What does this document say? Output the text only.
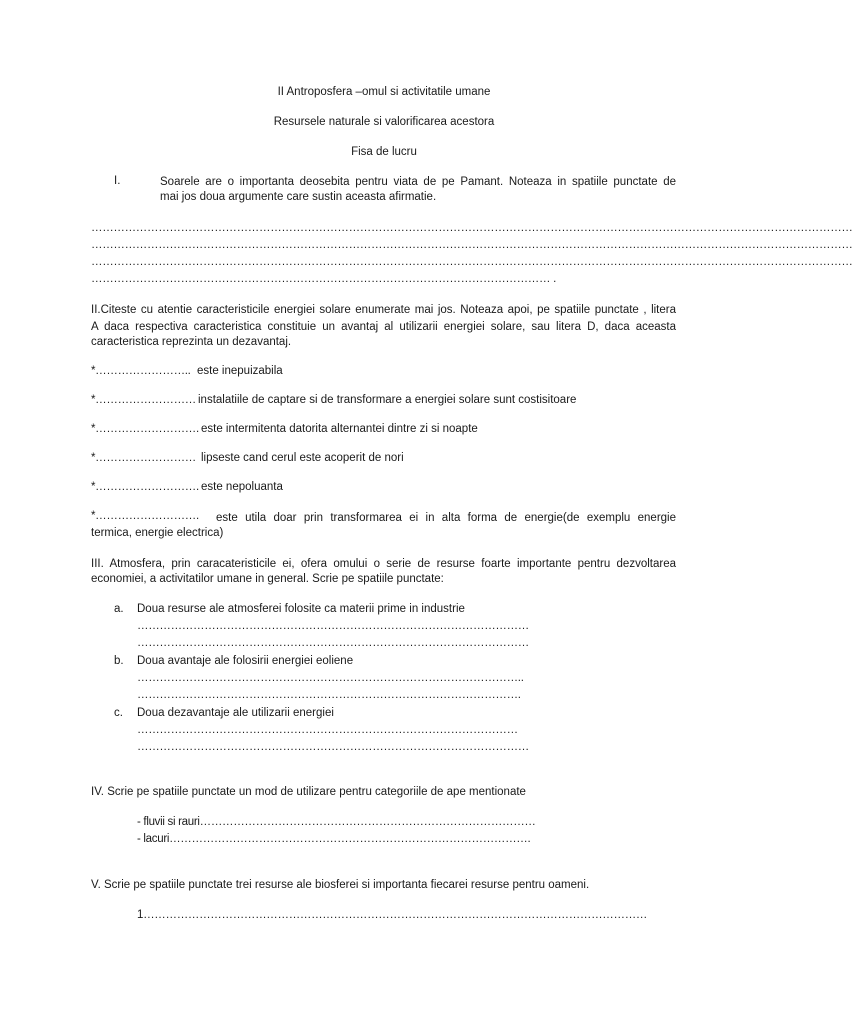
II Antroposfera –omul si activitatile umane
Resursele naturale si valorificarea acestora
Fisa de lucru
I.	Soarele are o importanta deosebita pentru viata de pe Pamant. Noteaza in spatiile punctate de
mai jos doua argumente care sustin aceasta afirmatie.
……………………………………………………………………………………………………………………………………………………………………………………
……………………………………………………………………………………………………………………………………………………………………………………
……………………………………………………………………………………………………………………………………………………………………………………
…………………………………………………………………………………………………………… .
II.Citeste cu atentie caracteristicile energiei solare enumerate mai jos. Noteaza apoi, pe spatiile punctate , litera
A daca respectiva caracteristica constituie un avantaj al utilizarii energiei solare, sau litera D, daca aceasta
caracteristica reprezinta un dezavantaj.
*…………………….. este inepuizabila
*……………………… instalatiile de captare si de transformare a energiei solare sunt costisitoare
*………………………. este intermitenta datorita alternantei dintre zi si noapte
*……………………… lipseste cand cerul este acoperit de nori
*………………………. este nepoluanta
*………………………. este utila doar prin transformarea ei in alta forma de energie(de exemplu energie
termica, energie electrica)
III. Atmosfera, prin caracateristicile ei, ofera omului o serie de resurse foarte importante pentru dezvoltarea
economiei, a activitatilor umane in general. Scrie pe spatiile punctate:
a. Doua resurse ale atmosferei folosite ca materii prime in industrie
……………………………………………………………………………………………
……………………………………………………………………………………………
b. Doua avantaje ale folosirii energiei eoliene
…………………………………………………………………………………………..
………………………………………………………………………………………….
c. Doua dezavantaje ale utilizarii energiei
…………………………………………………………………………………………
……………………………………………………………………………………………
IV. Scrie pe spatiile punctate un mod de utilizare pentru categoriile de ape mentionate
- fluvii si rauri………………………………………………………………………………
- lacuri…………………………………………………………………………………….
V. Scrie pe spatiile punctate trei resurse ale biosferei si importanta fiecarei resurse pentru oameni.
1………………………………………………………………………………………………………………………
